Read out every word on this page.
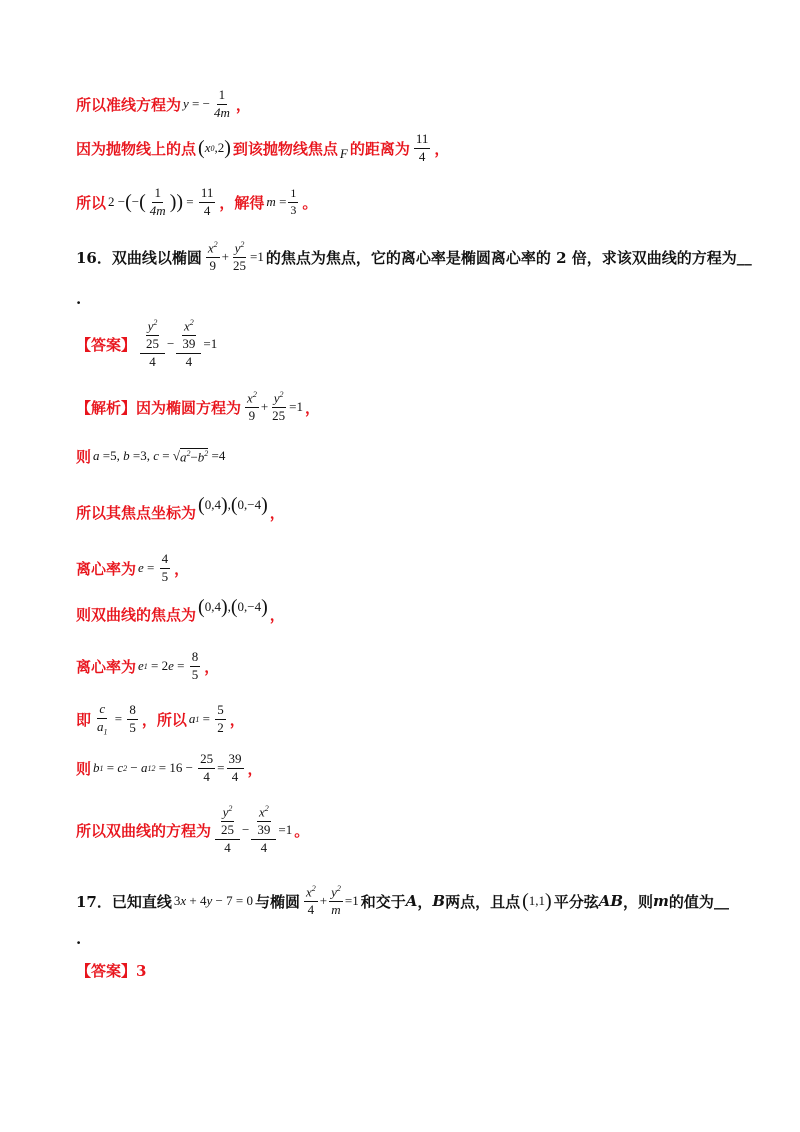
所以准线方程为 y = − $\frac{1}{4m}$ ，
因为抛物线上的点 ( x 0 ,2 ) 到该抛物线焦点 F 的距离为 $\frac{11}{4}$ ，
所以 2 − ( − ( $\frac{1}{4m}$ ) ) = $\frac{11}{4}$ ，解得 $m = \frac{1}{3}$ 。
16．双曲线以椭圆 $\frac{x^2}{9} + \frac{y^2}{25} =1$ 的焦点为焦点，它的离心率是椭圆离心率的 2 倍，求该双曲线的方程为 __
.
【答案】 $\frac{\frac{y^2}{25}}{4} - \frac{\frac{x^2}{39}}{4} =1$
【解析】 因为椭圆方程为 $\frac{x^2}{9} + \frac{y^2}{25} =1$ ，
则 a =5, b =3, c = √ $a^2-b^2 =4$
所以其焦点坐标为 ( 0,4 ) , ( 0,−4 ) ，
离心率为 $e = \frac{4}{5}$ ，
则双曲线的焦点为 ( 0,4 ) , ( 0,−4 ) ，
离心率为 e 1 = 2 $e = \frac{8}{5}$ ，
即 $\frac{c}{a_1} = \frac{8}{5}$ ，所以 a $1 = \frac{5}{2}$ ，
则 b 1 = c 2 − a 1 $2 = 16 - \frac{25}{4} = \frac{39}{4}$ ，
所以双曲线的方程为 $\frac{\frac{y^2}{25}}{4} - \frac{\frac{x^2}{39}}{4} =1$ 。
17．已知直线 3 x + 4 y − 7 = 0 与椭圆 $\frac{x^2}{4} + \frac{y^2}{m} =1$ 和交于 A ， B 两点，且点 ( 1,1 ) 平分弦 AB ，则 m 的值为 __
.
【答案】 3
